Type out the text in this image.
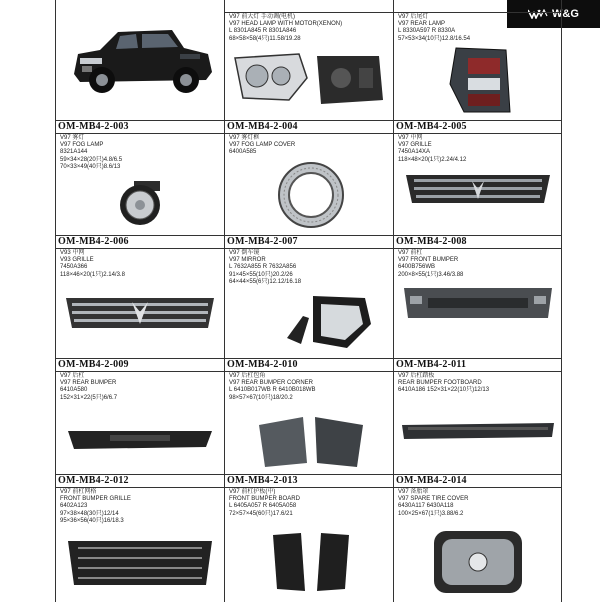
W&G
V97 前大灯 手动调(电机)
V97 HEAD LAMP WITH MOTOR(XENON)
L 8301A845 R 8301A846
68×58×58(4只)11.58/19.28
V97 后尾灯
V97 REAR LAMP
L 8330A597 R 8330A
57×53×34(10只)12.8/16.54
OM-MB4-2-003
V97 雾灯
V97 FOG LAMP
8321A144
59×34×28(20只)4.8/6.5
70×33×49(40只)8.6/13
OM-MB4-2-004
V97 雾灯框
V97 FOG LAMP COVER
6400A585
OM-MB4-2-005
V97 中网
V97 GRILLE
7450A14XA
118×48×20(1只)2.24/4.12
OM-MB4-2-006
V93 中网
V93 GRILLE
7450A366
118×46×20(1只)2.14/3.8
OM-MB4-2-007
V97 倒车镜
V97 MIRROR
L 7632A855 R 7632A856
91×45×55(10只)20.2/26
64×44×55(6只)12.12/16.18
OM-MB4-2-008
V97 前杠
V97 FRONT BUMPER
6400B756WB
200×8×55(1只)3.46/3.88
OM-MB4-2-009
V97 后杠
V97 REAR BUMPER
6410A580
152×31×22(5只)6/6.7
OM-MB4-2-010
V97 后杠包角
V97 REAR BUMPER CORNER
L 6410B017WB R 6410B018WB
98×57×67(10只)18/20.2
OM-MB4-2-011
V97 后杠踏板
REAR BUMPER FOOTBOARD
6410A186 152×31×22(10只)12/13
OM-MB4-2-012
V97 前杠网格
FRONT BUMPER GRILLE
6402A123
97×38×48(30只)12/14
95×36×56(40只)16/18.3
OM-MB4-2-013
V97 前杠护板(中)
FRONT BUMPER BOARD
L 6405A057 R 6405A058
72×57×45(60只)17.6/21
OM-MB4-2-014
V97 备胎罩
V97 SPARE TIRE COVER
6430A117 6430A118
100×25×67(1只)3.88/6.2
